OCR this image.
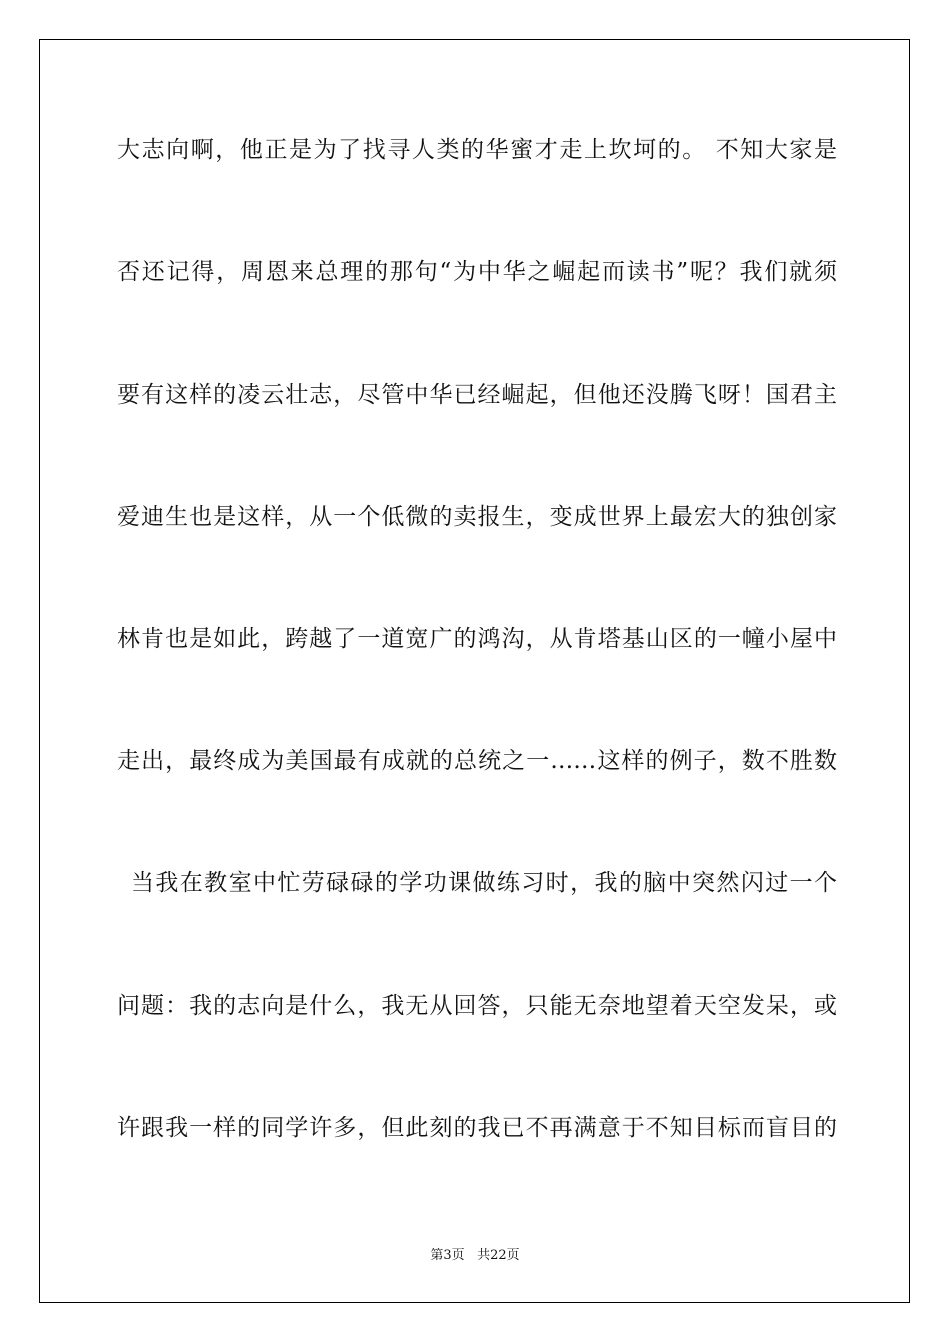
大志向啊，他正是为了找寻人类的华蜜才走上坎坷的。 不知大家是
否还记得，周恩来总理的那句“为中华之崛起而读书”呢？我们就须
要有这样的凌云壮志，尽管中华已经崛起，但他还没腾飞呀！国君主
爱迪生也是这样，从一个低微的卖报生，变成世界上最宏大的独创家
林肯也是如此，跨越了一道宽广的鸿沟，从肯塔基山区的一幢小屋中
走出，最终成为美国最有成就的总统之一……这样的例子，数不胜数
当我在教室中忙劳碌碌的学功课做练习时，我的脑中突然闪过一个
问题：我的志向是什么，我无从回答，只能无奈地望着天空发呆，或
许跟我一样的同学许多，但此刻的我已不再满意于不知目标而盲目的
第3页 共22页
